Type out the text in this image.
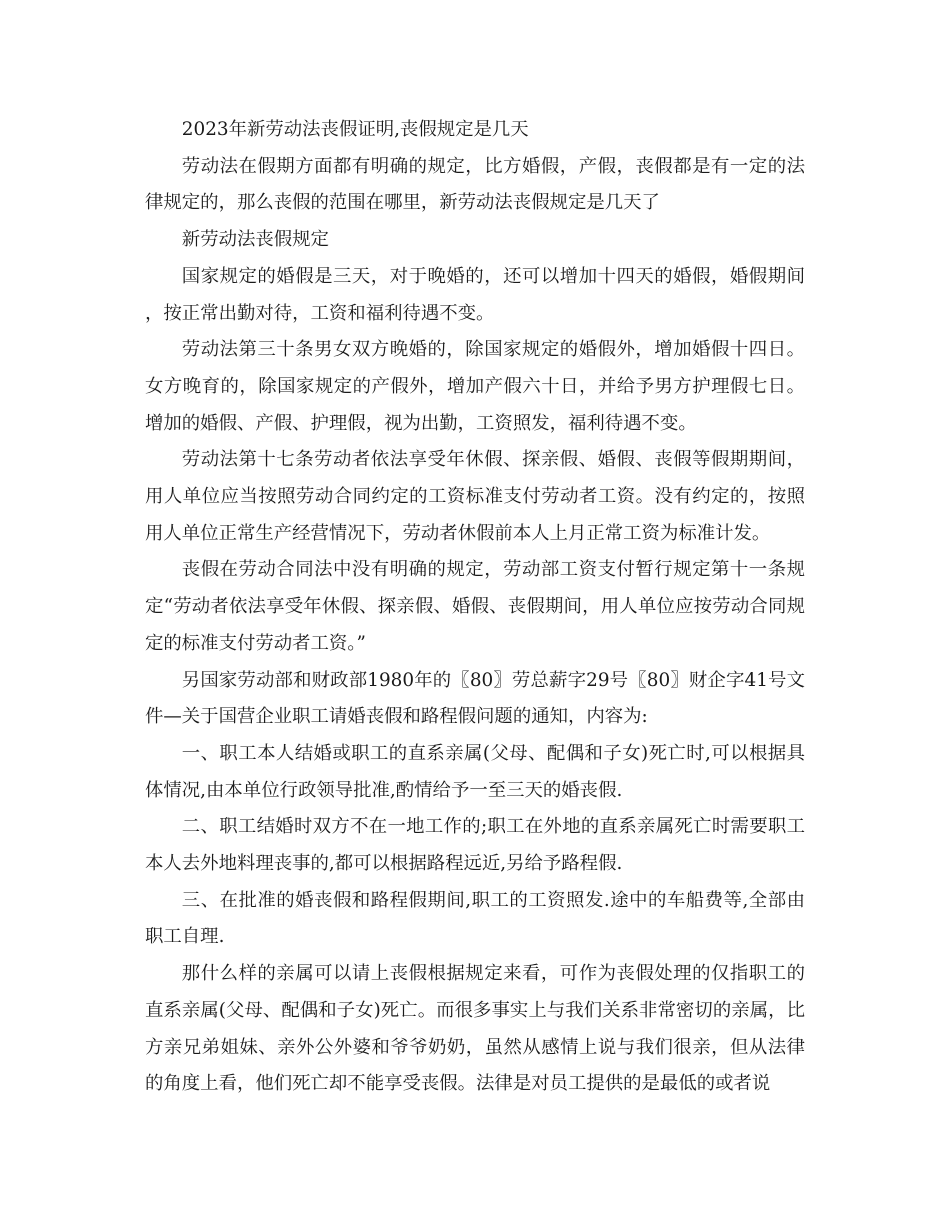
2023年新劳动法丧假证明,丧假规定是几天

劳动法在假期方面都有明确的规定，比方婚假，产假，丧假都是有一定的法律规定的，那么丧假的范围在哪里，新劳动法丧假规定是几天了

新劳动法丧假规定

国家规定的婚假是三天，对于晚婚的，还可以增加十四天的婚假，婚假期间，按正常出勤对待，工资和福利待遇不变。

劳动法第三十条男女双方晚婚的，除国家规定的婚假外，增加婚假十四日。女方晚育的，除国家规定的产假外，增加产假六十日，并给予男方护理假七日。增加的婚假、产假、护理假，视为出勤，工资照发，福利待遇不变。

劳动法第十七条劳动者依法享受年休假、探亲假、婚假、丧假等假期期间，用人单位应当按照劳动合同约定的工资标准支付劳动者工资。没有约定的，按照用人单位正常生产经营情况下，劳动者休假前本人上月正常工资为标准计发。

丧假在劳动合同法中没有明确的规定，劳动部工资支付暂行规定第十一条规定“劳动者依法享受年休假、探亲假、婚假、丧假期间，用人单位应按劳动合同规定的标准支付劳动者工资。”

另国家劳动部和财政部1980年的〖80〗劳总薪字29号〖80〗财企字41号文件—关于国营企业职工请婚丧假和路程假问题的通知，内容为:

一、职工本人结婚或职工的直系亲属(父母、配偶和子女)死亡时,可以根据具体情况,由本单位行政领导批准,酌情给予一至三天的婚丧假.

二、职工结婚时双方不在一地工作的;职工在外地的直系亲属死亡时需要职工本人去外地料理丧事的,都可以根据路程远近,另给予路程假.

三、在批准的婚丧假和路程假期间,职工的工资照发.途中的车船费等,全部由职工自理.

那什么样的亲属可以请上丧假根据规定来看，可作为丧假处理的仅指职工的直系亲属(父母、配偶和子女)死亡。而很多事实上与我们关系非常密切的亲属，比方亲兄弟姐妹、亲外公外婆和爷爷奶奶，虽然从感情上说与我们很亲，但从法律的角度上看，他们死亡却不能享受丧假。法律是对员工提供的是最低的或者说
